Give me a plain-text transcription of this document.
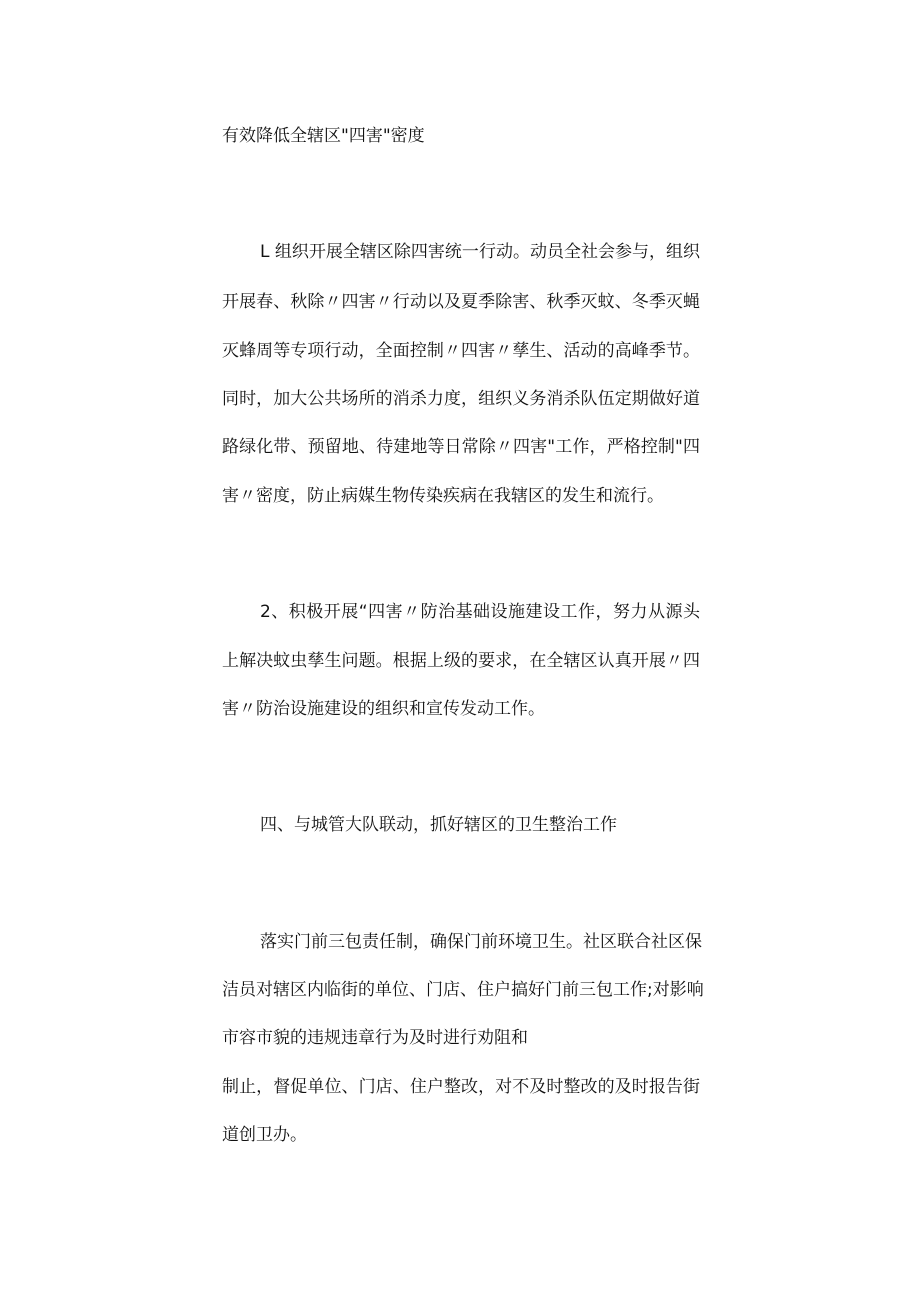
有效降低全辖区"四害"密度
L 组织开展全辖区除四害统一行动。动员全社会参与，组织
开展春、秋除〃四害〃行动以及夏季除害、秋季灭蚊、冬季灭蝇
灭蜂周等专项行动，全面控制〃四害〃孳生、活动的高峰季节。
同时，加大公共场所的消杀力度，组织义务消杀队伍定期做好道
路绿化带、预留地、待建地等日常除〃四害"工作，严格控制"四
害〃密度，防止病媒生物传染疾病在我辖区的发生和流行。
2、积极开展“四害〃防治基础设施建设工作，努力从源头
上解决蚊虫孳生问题。根据上级的要求，在全辖区认真开展〃四
害〃防治设施建设的组织和宣传发动工作。
四、与城管大队联动，抓好辖区的卫生整治工作
落实门前三包责任制，确保门前环境卫生。社区联合社区保
洁员对辖区内临街的单位、门店、住户搞好门前三包工作;对影响
市容市貌的违规违章行为及时进行劝阻和
制止，督促单位、门店、住户整改，对不及时整改的及时报告街
道创卫办。
